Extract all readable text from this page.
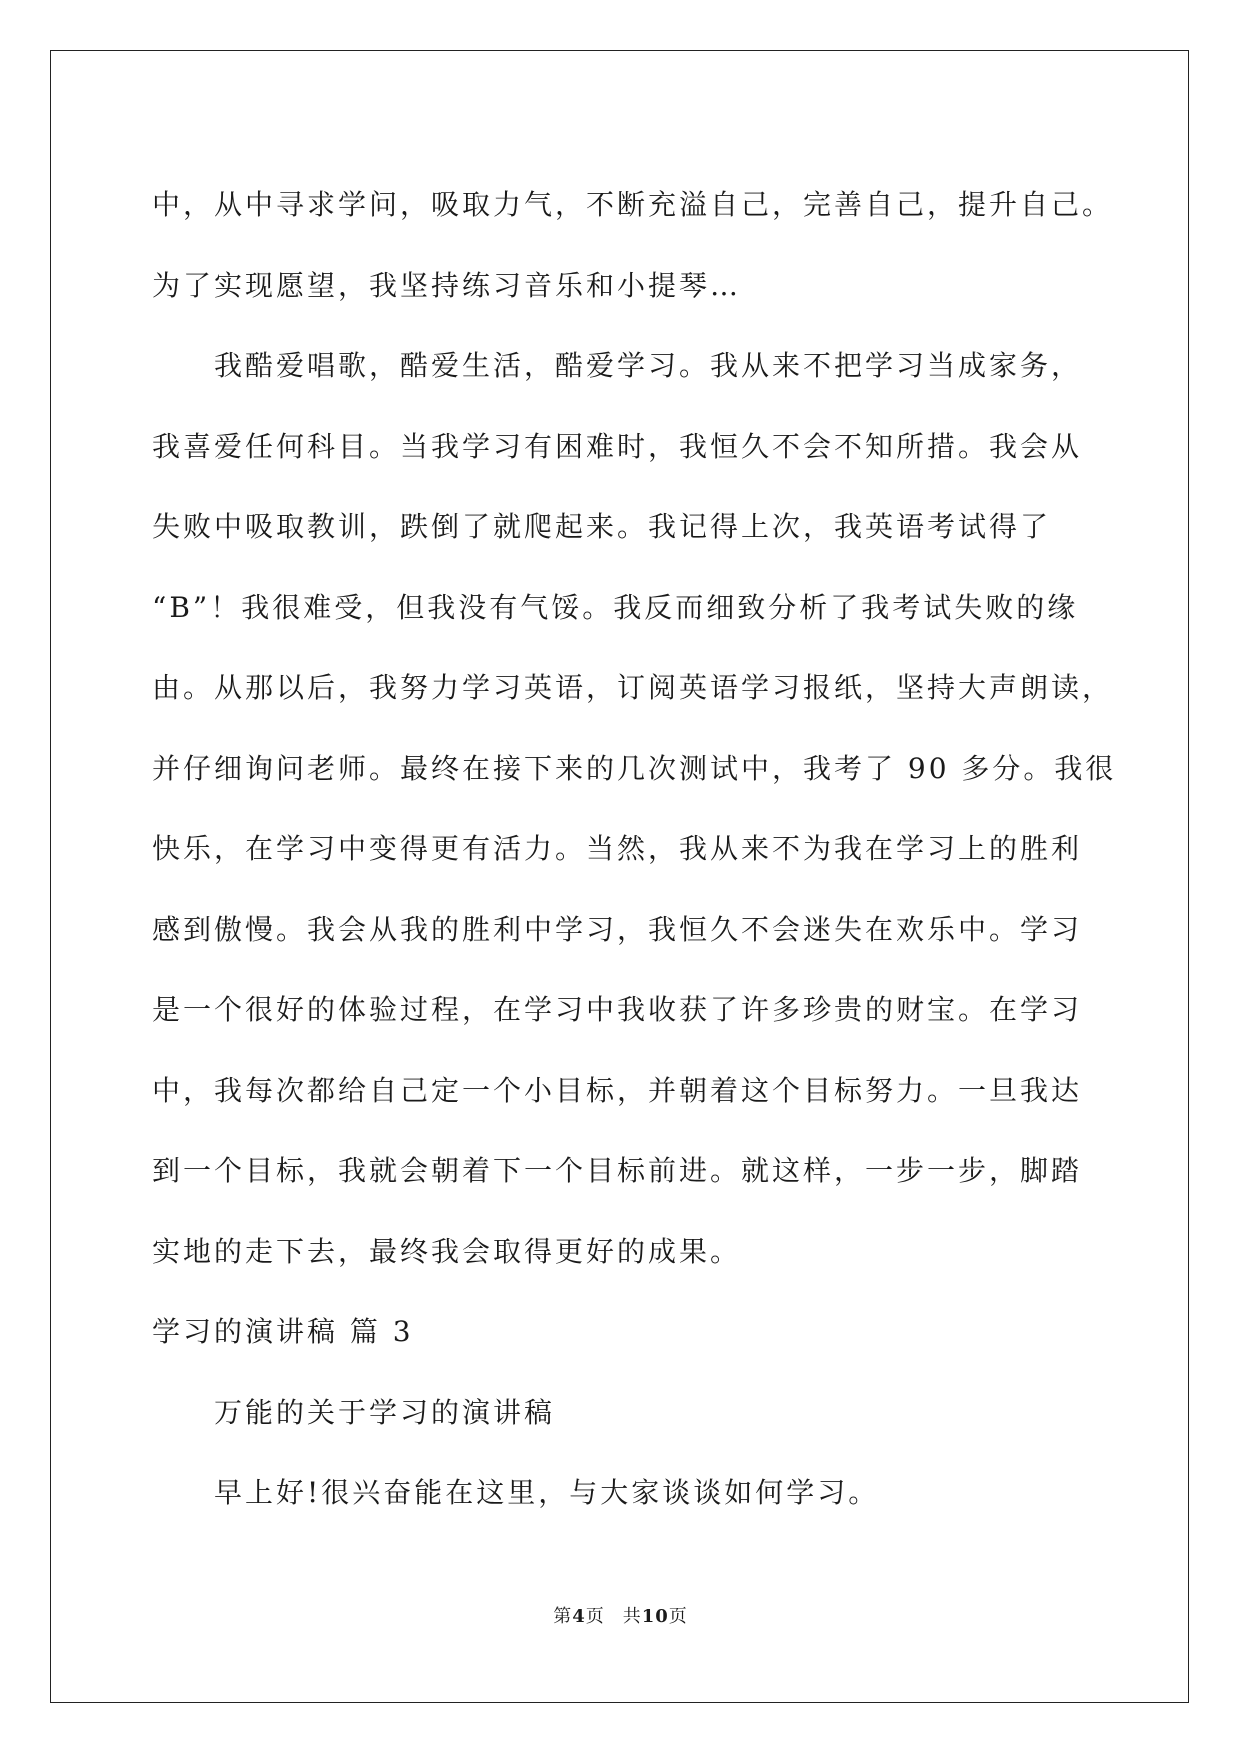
中，从中寻求学问，吸取力气，不断充溢自己，完善自己，提升自己。
为了实现愿望，我坚持练习音乐和小提琴…
我酷爱唱歌，酷爱生活，酷爱学习。我从来不把学习当成家务，
我喜爱任何科目。当我学习有困难时，我恒久不会不知所措。我会从
失败中吸取教训，跌倒了就爬起来。我记得上次，我英语考试得了
“B”！我很难受，但我没有气馁。我反而细致分析了我考试失败的缘
由。从那以后，我努力学习英语，订阅英语学习报纸，坚持大声朗读，
并仔细询问老师。最终在接下来的几次测试中，我考了 90 多分。我很
快乐，在学习中变得更有活力。当然，我从来不为我在学习上的胜利
感到傲慢。我会从我的胜利中学习，我恒久不会迷失在欢乐中。学习
是一个很好的体验过程，在学习中我收获了许多珍贵的财宝。在学习
中，我每次都给自己定一个小目标，并朝着这个目标努力。一旦我达
到一个目标，我就会朝着下一个目标前进。就这样，一步一步，脚踏
实地的走下去，最终我会取得更好的成果。
学习的演讲稿 篇 3
万能的关于学习的演讲稿
早上好!很兴奋能在这里，与大家谈谈如何学习。
第4页 共10页
